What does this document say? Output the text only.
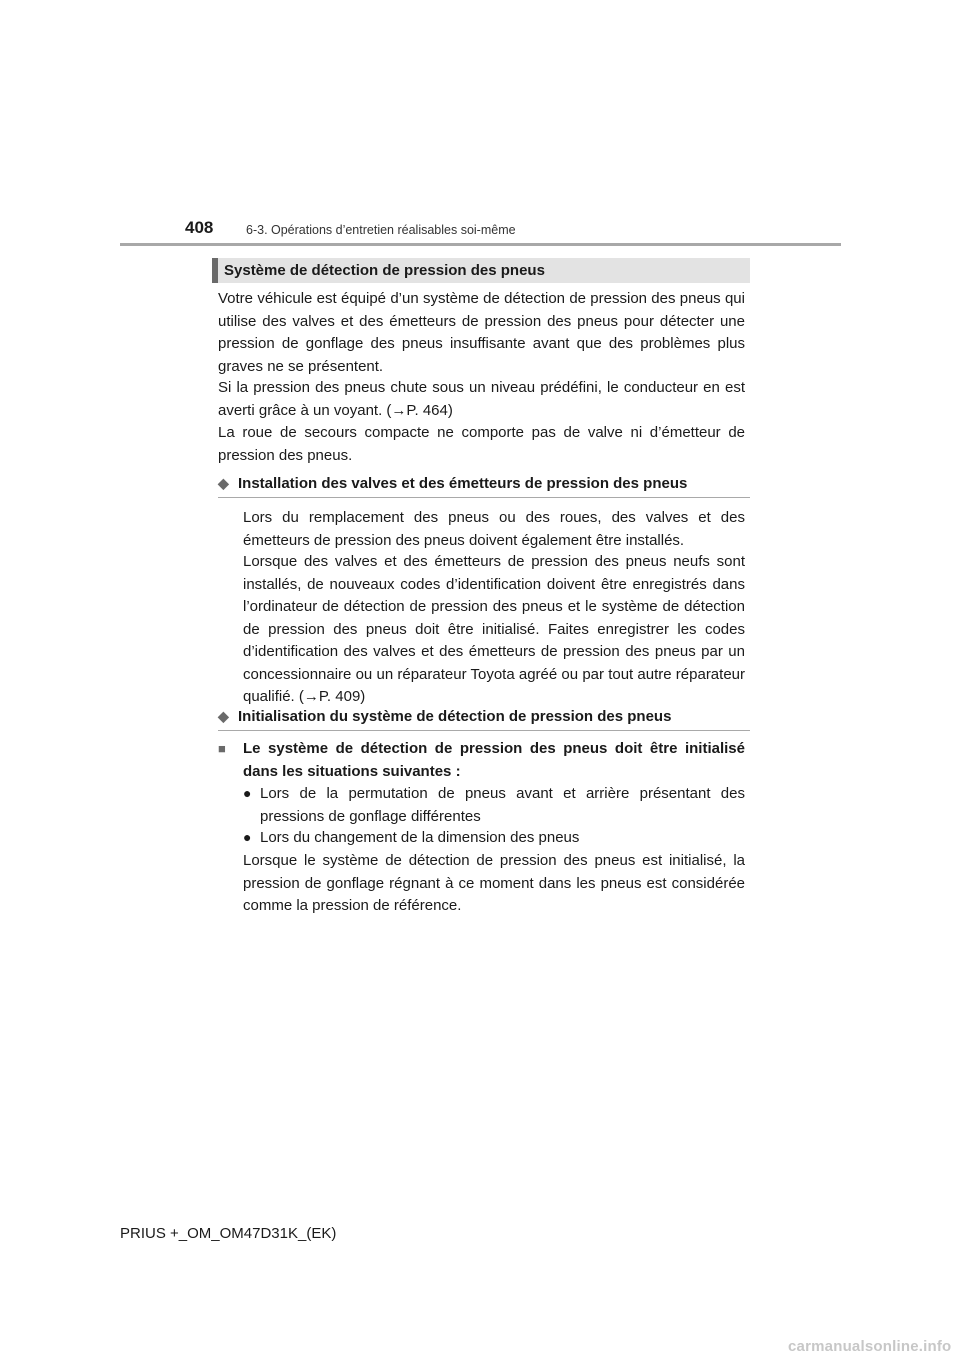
408	6-3. Opérations d’entretien réalisables soi-même
Système de détection de pression des pneus

Votre véhicule est équipé d’un système de détection de pression des pneus qui utilise des valves et des émetteurs de pression des pneus pour détecter une pression de gonflage des pneus insuffisante avant que des problèmes plus graves ne se présentent.

Si la pression des pneus chute sous un niveau prédéfini, le conducteur en est averti grâce à un voyant. (→P. 464)

La roue de secours compacte ne comporte pas de valve ni d’émetteur de pression des pneus.

◆ Installation des valves et des émetteurs de pression des pneus

Lors du remplacement des pneus ou des roues, des valves et des émetteurs de pression des pneus doivent également être installés.

Lorsque des valves et des émetteurs de pression des pneus neufs sont installés, de nouveaux codes d’identification doivent être enregistrés dans l’ordinateur de détection de pression des pneus et le système de détection de pression des pneus doit être initialisé. Faites enregistrer les codes d’identification des valves et des émetteurs de pression des pneus par un concessionnaire ou un réparateur Toyota agréé ou par tout autre réparateur qualifié. (→P. 409)

◆ Initialisation du système de détection de pression des pneus
■ Le système de détection de pression des pneus doit être initialisé dans les situations suivantes :
● Lors de la permutation de pneus avant et arrière présentant des pressions de gonflage différentes
● Lors du changement de la dimension des pneus

Lorsque le système de détection de pression des pneus est initialisé, la pression de gonflage régnant à ce moment dans les pneus est considérée comme la pression de référence.

PRIUS +_OM_OM47D31K_(EK)
carmanualsonline.info
